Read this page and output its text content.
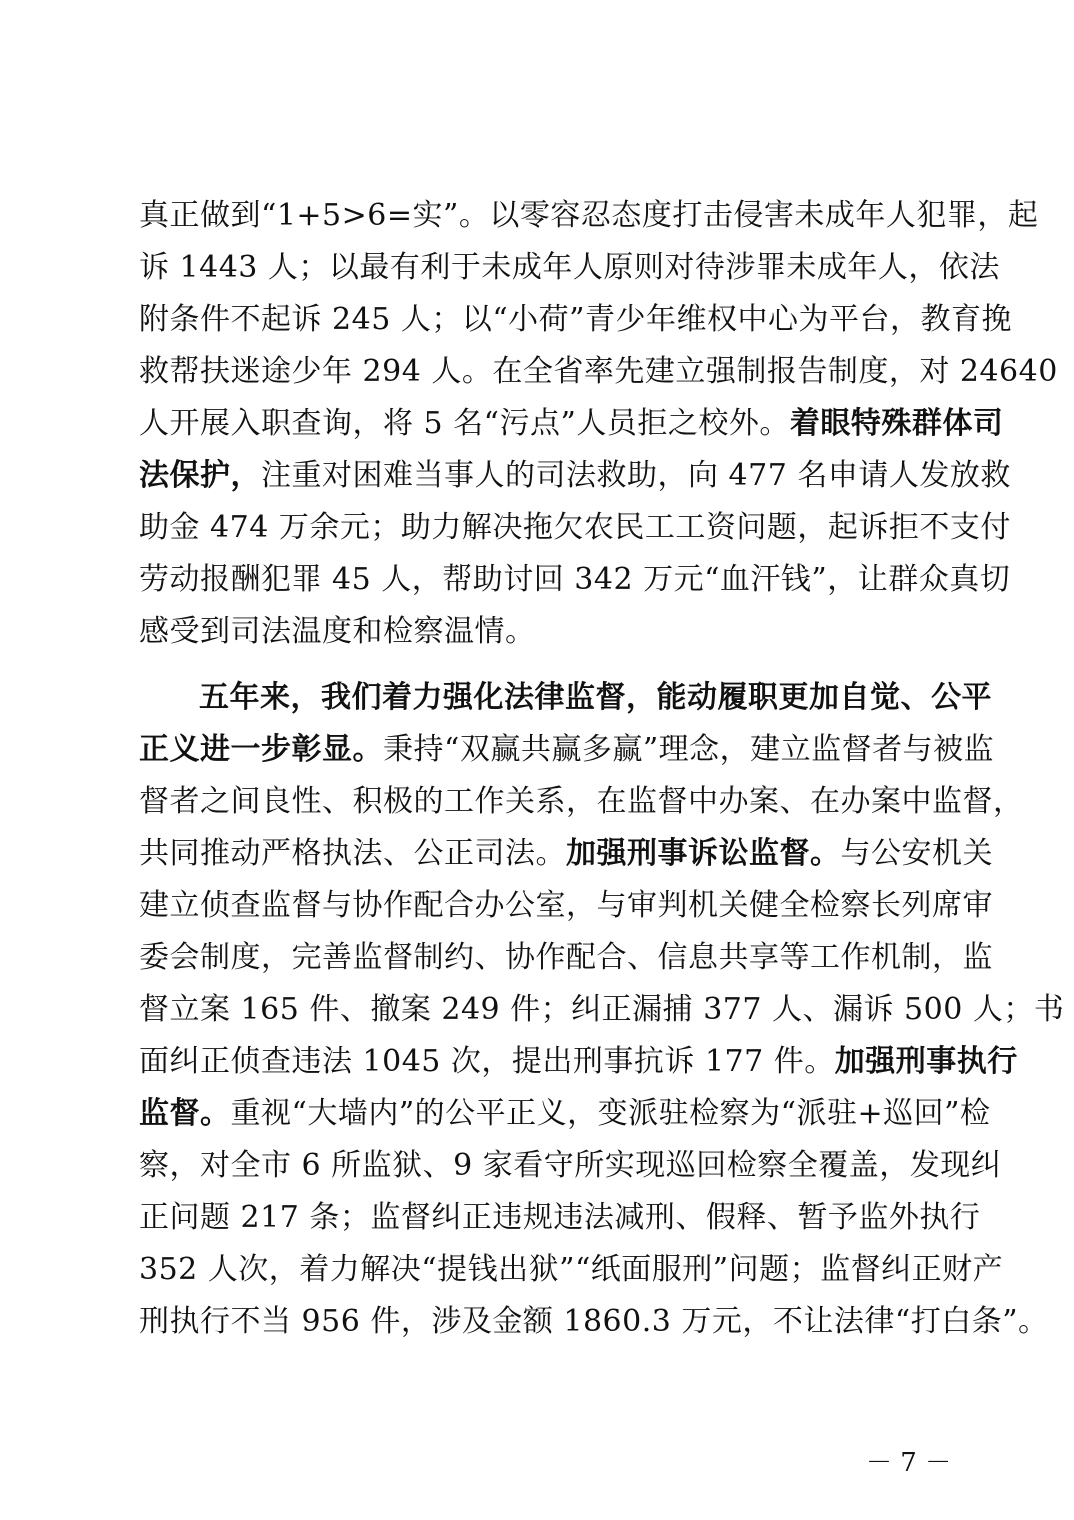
真正做到“1+5>6=实”。以零容忍态度打击侵害未成年人犯罪，起
诉 1443 人；以最有利于未成年人原则对待涉罪未成年人，依法
附条件不起诉 245 人；以“小荷”青少年维权中心为平台，教育挽
救帮扶迷途少年 294 人。在全省率先建立强制报告制度，对 24640
人开展入职查询，将 5 名“污点”人员拒之校外。着眼特殊群体司
法保护，注重对困难当事人的司法救助，向 477 名申请人发放救
助金 474 万余元；助力解决拖欠农民工工资问题，起诉拒不支付
劳动报酬犯罪 45 人，帮助讨回 342 万元“血汗钱”，让群众真切
感受到司法温度和检察温情。
五年来，我们着力强化法律监督，能动履职更加自觉、公平
正义进一步彰显。秉持“双赢共赢多赢”理念，建立监督者与被监
督者之间良性、积极的工作关系，在监督中办案、在办案中监督，
共同推动严格执法、公正司法。加强刑事诉讼监督。与公安机关
建立侦查监督与协作配合办公室，与审判机关健全检察长列席审
委会制度，完善监督制约、协作配合、信息共享等工作机制，监
督立案 165 件、撤案 249 件；纠正漏捕 377 人、漏诉 500 人；书
面纠正侦查违法 1045 次，提出刑事抗诉 177 件。加强刑事执行
监督。重视“大墙内”的公平正义，变派驻检察为“派驻+巡回”检
察，对全市 6 所监狱、9 家看守所实现巡回检察全覆盖，发现纠
正问题 217 条；监督纠正违规违法减刑、假释、暂予监外执行
352 人次，着力解决“提钱出狱”“纸面服刑”问题；监督纠正财产
刑执行不当 956 件，涉及金额 1860.3 万元，不让法律“打白条”。
－ 7 －
